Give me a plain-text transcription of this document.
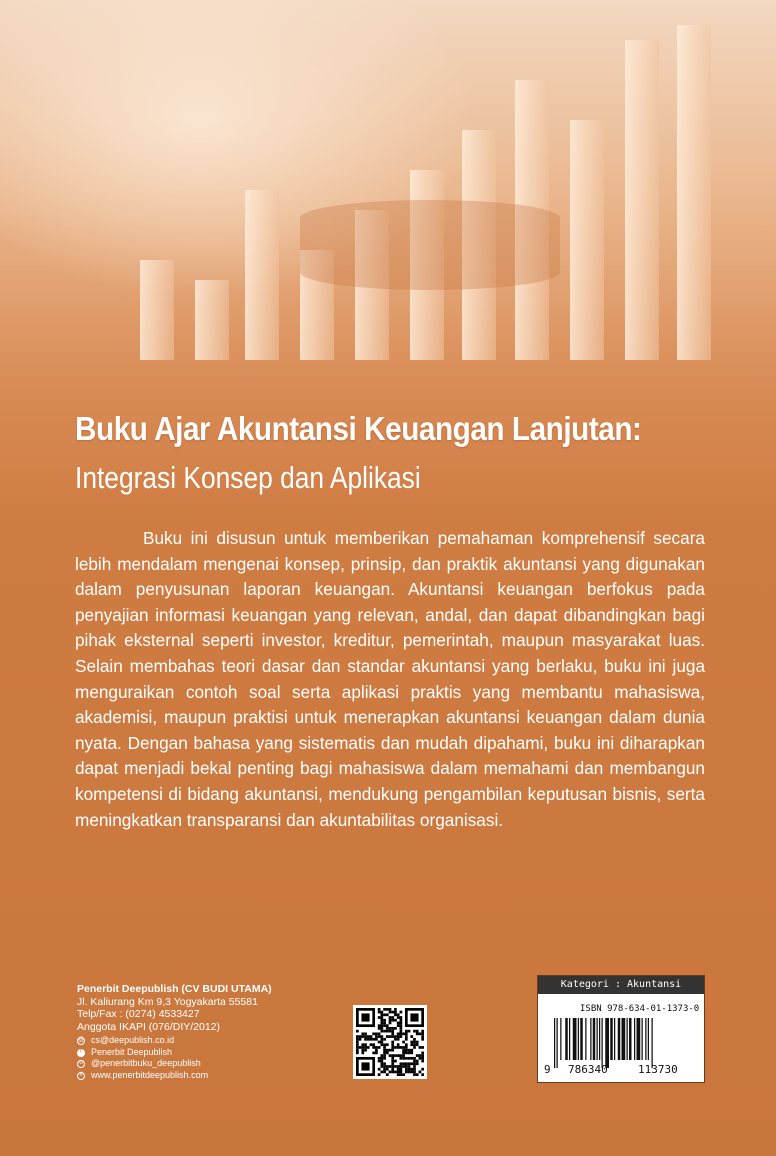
Buku Ajar Akuntansi Keuangan Lanjutan:
Integrasi Konsep dan Aplikasi

Buku ini disusun untuk memberikan pemahaman komprehensif secara lebih mendalam mengenai konsep, prinsip, dan praktik akuntansi yang digunakan dalam penyusunan laporan keuangan. Akuntansi keuangan berfokus pada penyajian informasi keuangan yang relevan, andal, dan dapat dibandingkan bagi pihak eksternal seperti investor, kreditur, pemerintah, maupun masyarakat luas. Selain membahas teori dasar dan standar akuntansi yang berlaku, buku ini juga menguraikan contoh soal serta aplikasi praktis yang membantu mahasiswa, akademisi, maupun praktisi untuk menerapkan akuntansi keuangan dalam dunia nyata. Dengan bahasa yang sistematis dan mudah dipahami, buku ini diharapkan dapat menjadi bekal penting bagi mahasiswa dalam memahami dan membangun kompetensi di bidang akuntansi, mendukung pengambilan keputusan bisnis, serta meningkatkan transparansi dan akuntabilitas organisasi.

Penerbit Deepublish (CV BUDI UTAMA)
Jl. Kaliurang Km 9,3 Yogyakarta 55581
Telp/Fax : (0274) 4533427
Anggota IKAPI (076/DIY/2012)
@ cs@deepublish.co.id
f	Penerbit Deepublish
o @penerbitbuku_deepublish
# www.penerbitdeepublish.com
Kategori : Akuntansi
ISBN 978-634-01-1373-0
9 786340	113730
